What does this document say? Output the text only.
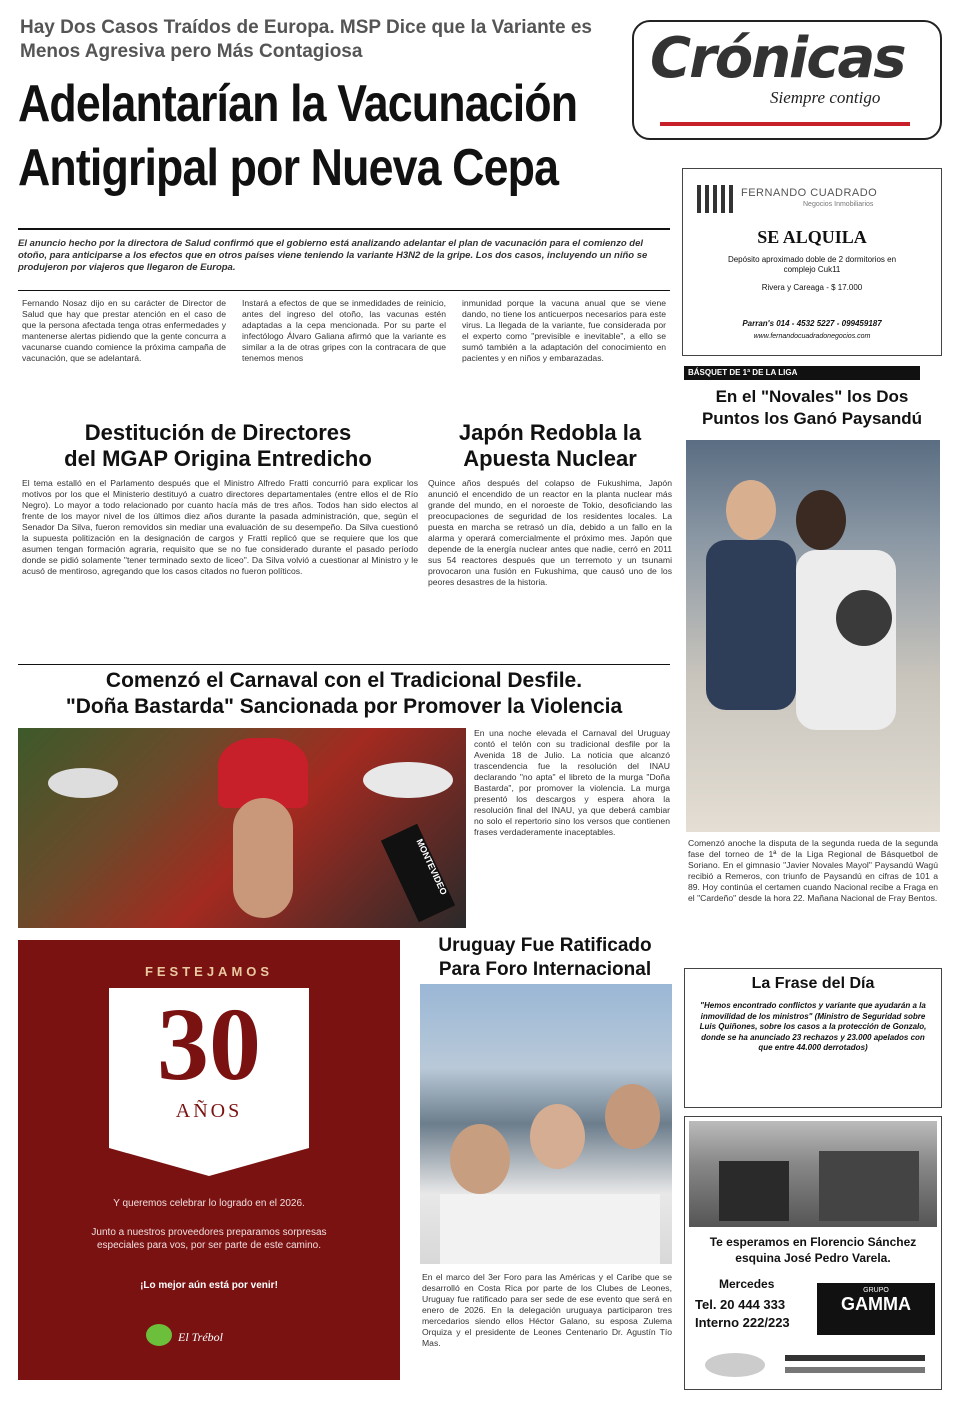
Hay Dos Casos Traídos de Europa. MSP Dice que la Variante es Menos Agresiva pero Más Contagiosa
Adelantarían la Vacunación
Antigripal por Nueva Cepa
El anuncio hecho por la directora de Salud confirmó que el gobierno está analizando adelantar el plan de vacunación para el comienzo del otoño, para anticiparse a los efectos que en otros países viene teniendo la variante H3N2 de la gripe. Los dos casos, incluyendo un niño se produjeron por viajeros que llegaron de Europa.
Crónicas
Siempre contigo
Fernando Nosaz dijo en su carácter de Director de Salud que hay que prestar atención en el caso de que la persona afectada tenga otras enfermedades y mantenerse alertas pidiendo que la gente concurra a vacunarse cuando comience la próxima campaña de vacunación, que se adelantará.
Instará a efectos de que se inmedidades de reinicio, antes del ingreso del otoño, las vacunas estén adaptadas a la cepa mencionada. Por su parte el infectólogo Álvaro Galiana afirmó que la variante es similar a la de otras gripes con la contracara de que tenemos menos
inmunidad porque la vacuna anual que se viene dando, no tiene los anticuerpos necesarios para este virus. La llegada de la variante, fue considerada por el experto como "previsible e inevitable", a ello se sumó también a la adaptación del conocimiento en pacientes y en niños y embarazadas.
Destitución de Directores
del MGAP Origina Entredicho
El tema estalló en el Parlamento después que el Ministro Alfredo Fratti concurrió para explicar los motivos por los que el Ministerio destituyó a cuatro directores departamentales (entre ellos el de Río Negro). Lo mayor a todo relacionado por cuanto hacía más de tres años. Todos han sido electos al frente de los mayor nivel de los últimos diez años durante la pasada administración, que, según el Senador Da Silva, fueron removidos sin mediar una evaluación de su desempeño. Da Silva cuestionó la supuesta politización en la designación de cargos y Fratti replicó que se requiere que los que asumen tengan formación agraria, requisito que se no fue considerado durante el pasado período donde se pidió solamente "tener terminado sexto de liceo". Da Silva volvió a cuestionar al Ministro y le acusó de mentiroso, agregando que los casos citados no fueron políticos.
Japón Redobla la
Apuesta Nuclear
Quince años después del colapso de Fukushima, Japón anunció el encendido de un reactor en la planta nuclear más grande del mundo, en el noroeste de Tokio, desoficiando las preocupaciones de seguridad de los residentes locales. La puesta en marcha se retrasó un día, debido a un fallo en la alarma y operará comercialmente el próximo mes. Japón que depende de la energía nuclear antes que nadie, cerró en 2011 sus 54 reactores después que un terremoto y un tsunami provocaron una fusión en Fukushima, que causó uno de los peores desastres de la historia.
Comenzó el Carnaval con el Tradicional Desfile.
"Doña Bastarda" Sancionada por Promover la Violencia
MONTEVIDEO
En una noche elevada el Carnaval del Uruguay contó el telón con su tradicional desfile por la Avenida 18 de Julio. La noticia que alcanzó trascendencia fue la resolución del INAU declarando "no apta" el libreto de la murga "Doña Bastarda", por promover la violencia. La murga presentó los descargos y espera ahora la resolución final del INAU, ya que deberá cambiar no solo el repertorio sino los versos que contienen frases verdaderamente inaceptables.
Uruguay Fue Ratificado
Para Foro Internacional
En el marco del 3er Foro para las Américas y el Caribe que se desarrolló en Costa Rica por parte de los Clubes de Leones, Uruguay fue ratificado para ser sede de ese evento que será en enero de 2026. En la delegación uruguaya participaron tres mercedarios siendo ellos Héctor Galano, su esposa Zulema Orquiza y el presidente de Leones Centenario Dr. Agustín Tío Mas.
FESTEJAMOS
30
AÑOS
Y queremos celebrar lo logrado en el 2026.
Junto a nuestros proveedores preparamos sorpresas especiales para vos, por ser parte de este camino.
¡Lo mejor aún está por venir!
El Trébol
FERNANDO CUADRADO
Negocios Inmobiliarios
SE ALQUILA
Depósito aproximado doble de 2 dormitorios en complejo Cuk11
Rivera y Careaga - $ 17.000
Parran's 014 - 4532 5227 - 099459187
www.fernandocuadradonegocios.com
BÁSQUET DE 1ª DE LA LIGA
En el "Novales" los Dos
Puntos los Ganó Paysandú
Comenzó anoche la disputa de la segunda rueda de la segunda fase del torneo de 1ª de la Liga Regional de Básquetbol de Soriano. En el gimnasio "Javier Novales Mayol" Paysandú Wagú recibió a Remeros, con triunfo de Paysandú en cifras de 101 a 89. Hoy continúa el certamen cuando Nacional recibe a Fraga en el "Cardeño" desde la hora 22. Mañana Nacional de Fray Bentos.
La Frase del Día
"Hemos encontrado conflictos y variante que ayudarán a la inmovilidad de los ministros" (Ministro de Seguridad sobre Luis Quiñones, sobre los casos a la protección de Gonzalo, donde se ha anunciado 23 rechazos y 23.000 apelados con que entre 44.000 derrotados)
Te esperamos en Florencio Sánchez
esquina José Pedro Varela.
Mercedes
Tel. 20 444 333
Interno 222/223
GRUPO
GAMMA
